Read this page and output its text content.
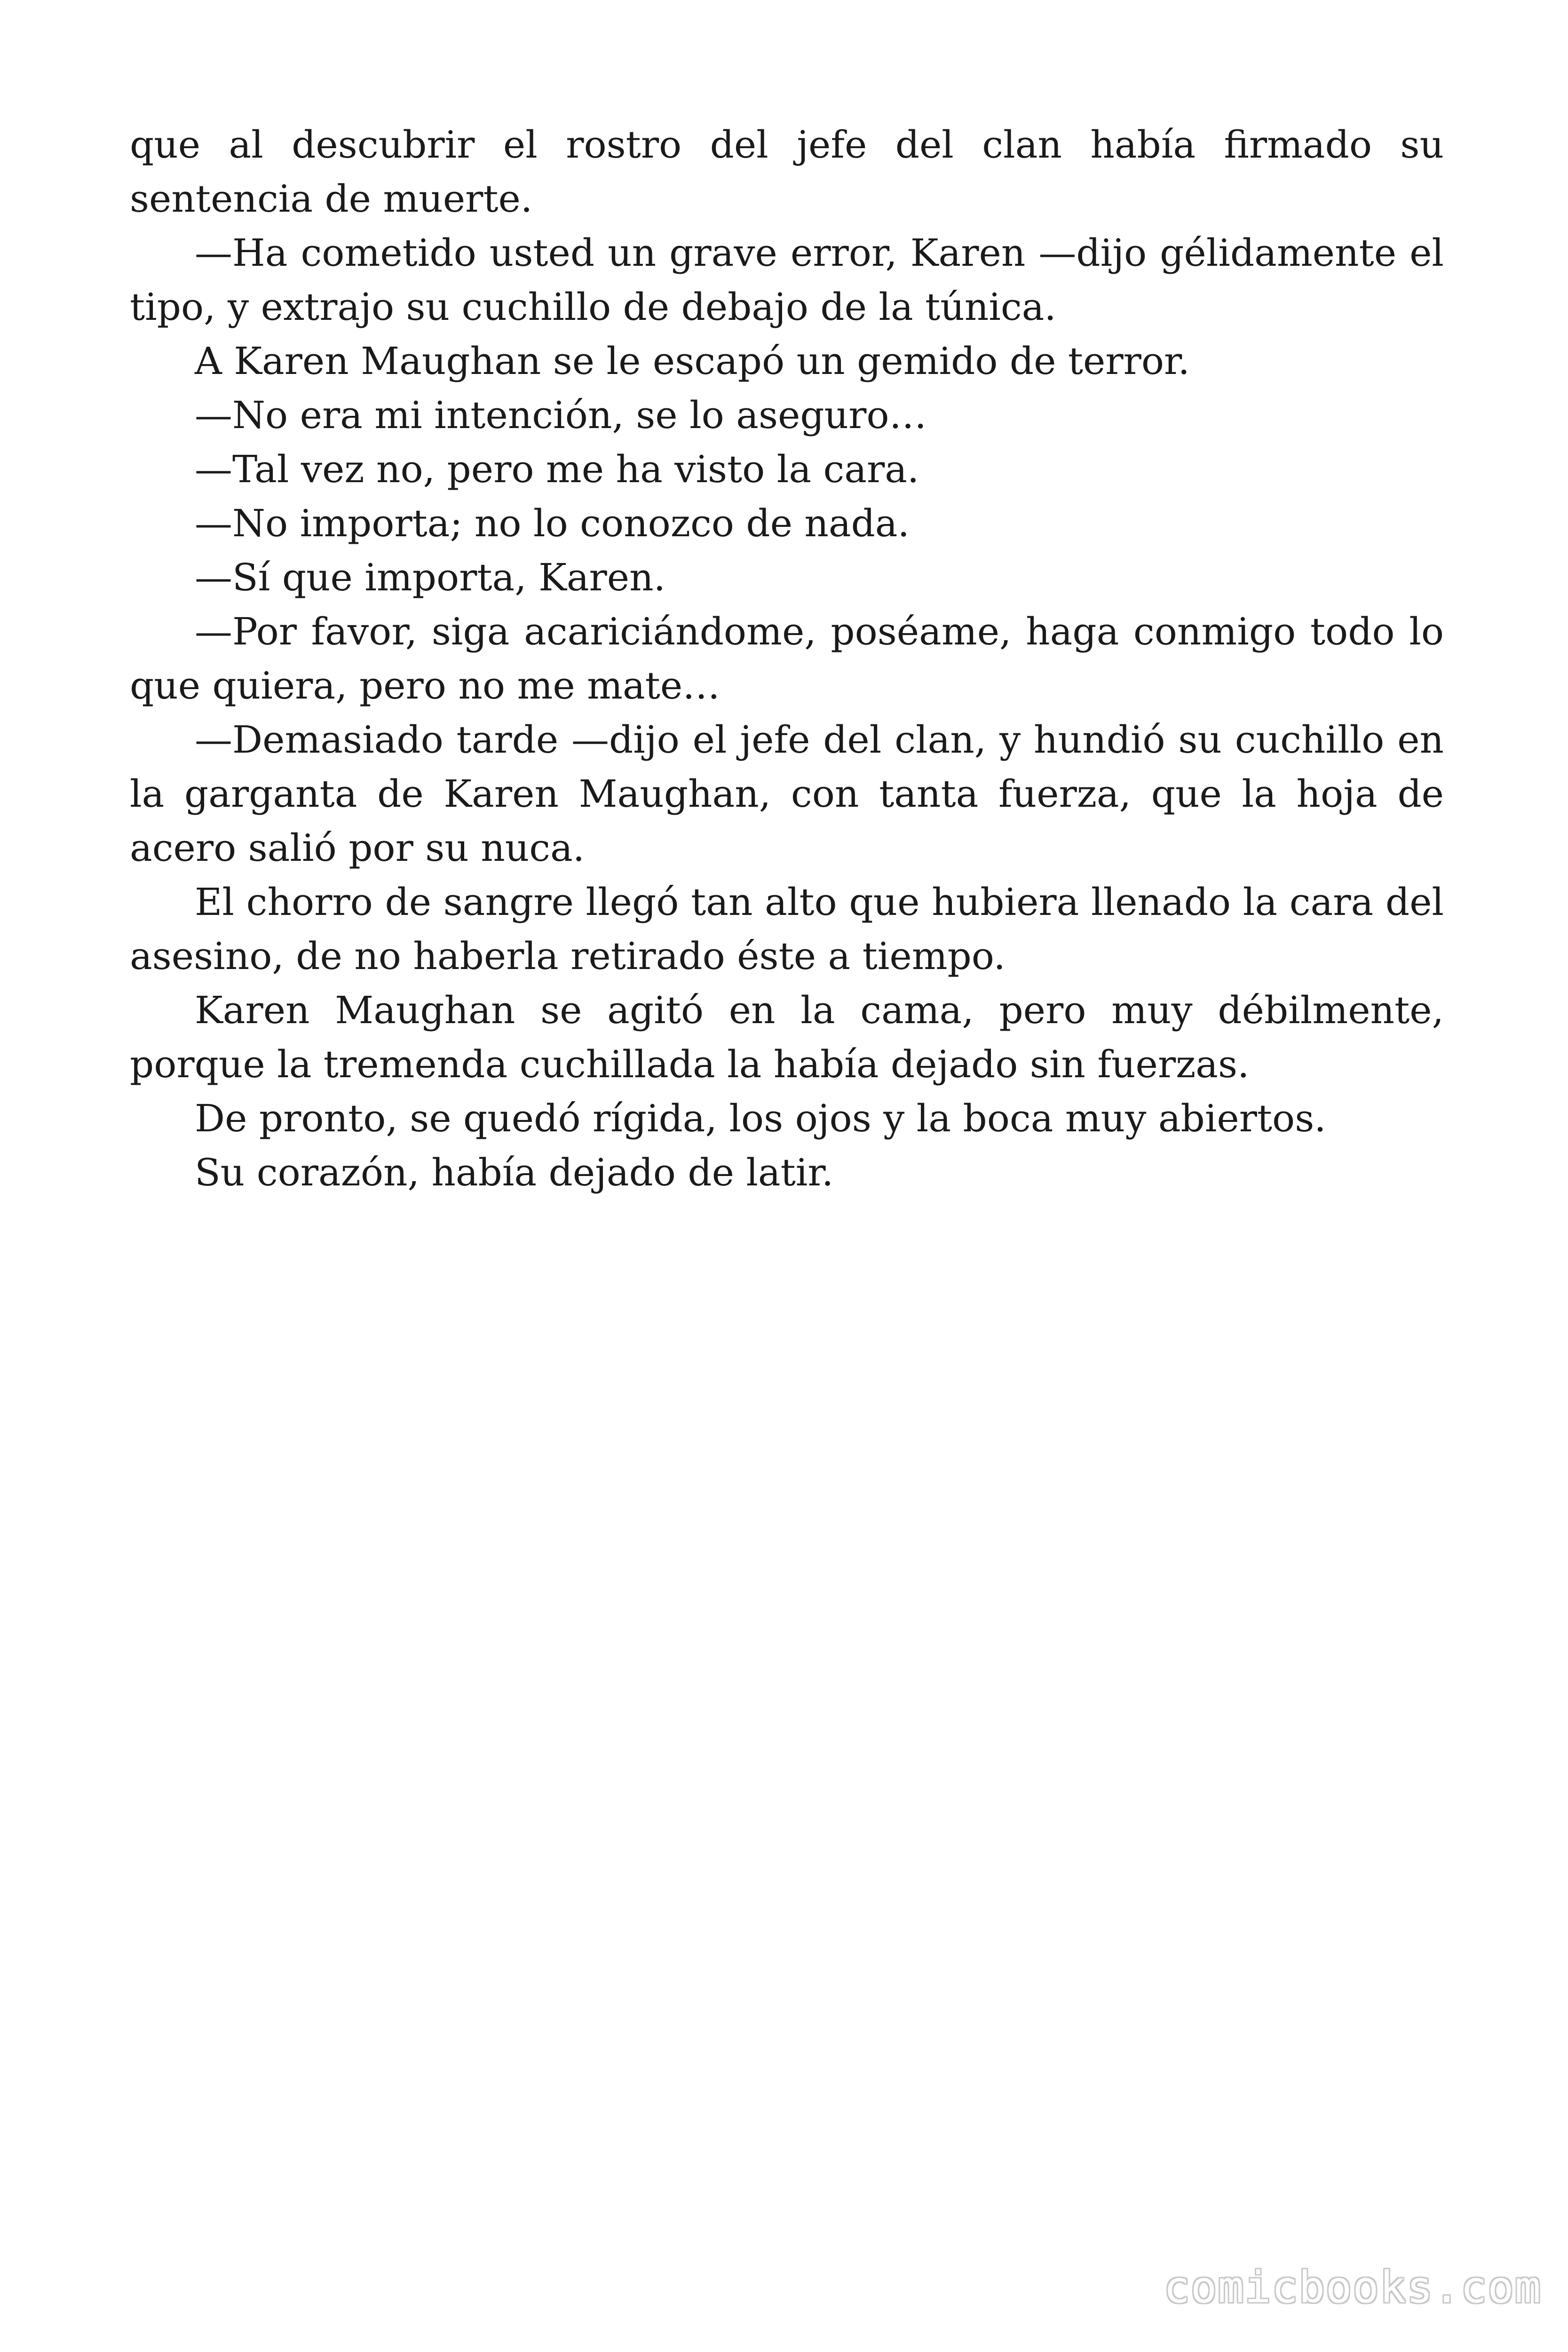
que al descubrir el rostro del jefe del clan había firmado su sentencia de muerte.

—Ha cometido usted un grave error, Karen —dijo gélidamente el tipo, y extrajo su cuchillo de debajo de la túnica.

A Karen Maughan se le escapó un gemido de terror.

—No era mi intención, se lo aseguro…

—Tal vez no, pero me ha visto la cara.

—No importa; no lo conozco de nada.

—Sí que importa, Karen.

—Por favor, siga acariciándome, poséame, haga conmigo todo lo que quiera, pero no me mate…

—Demasiado tarde —dijo el jefe del clan, y hundió su cuchillo en la garganta de Karen Maughan, con tanta fuerza, que la hoja de acero salió por su nuca.

El chorro de sangre llegó tan alto que hubiera llenado la cara del asesino, de no haberla retirado éste a tiempo.

Karen Maughan se agitó en la cama, pero muy débilmente, porque la tremenda cuchillada la había dejado sin fuerzas.

De pronto, se quedó rígida, los ojos y la boca muy abiertos.

Su corazón, había dejado de latir.

comicbooks.com
